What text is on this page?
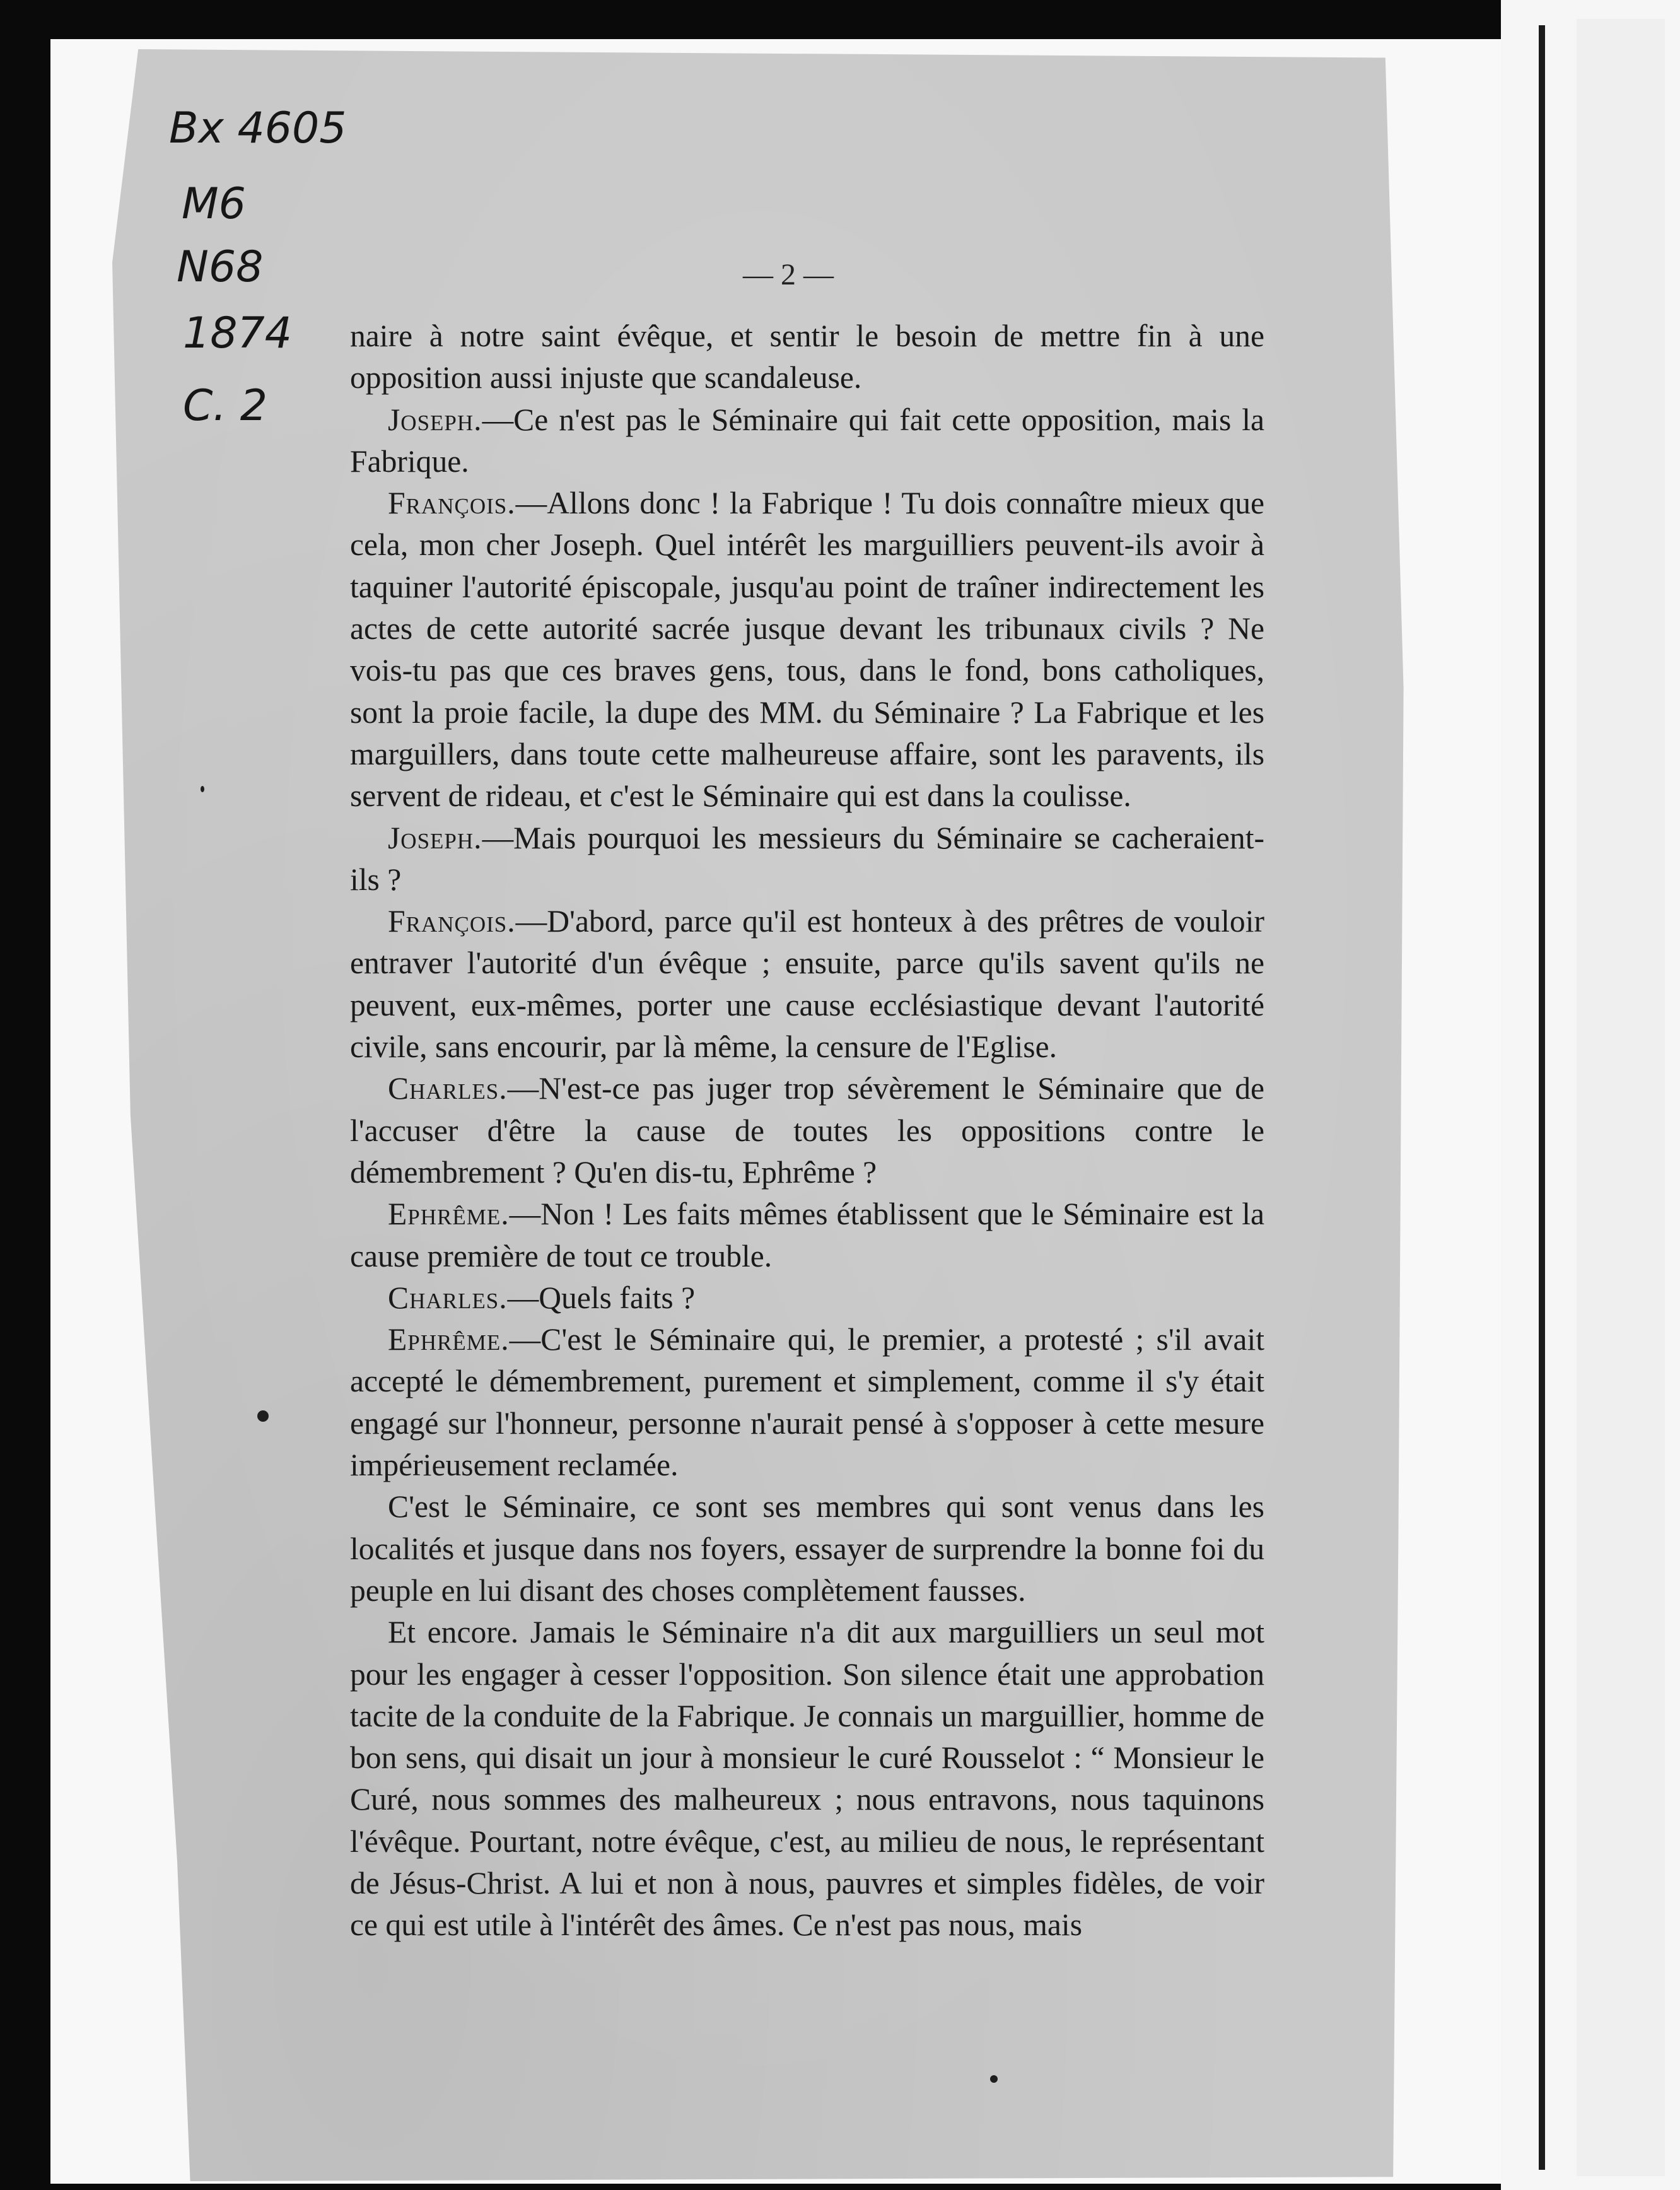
Bx 4605
M6
N68
1874
C. 2
— 2 —

naire à notre saint évêque, et sentir le besoin de mettre fin à une opposition aussi injuste que scandaleuse.

Joseph.—Ce n'est pas le Séminaire qui fait cette opposition, mais la Fabrique.

François.—Allons donc ! la Fabrique ! Tu dois connaître mieux que cela, mon cher Joseph. Quel intérêt les marguilliers peuvent-ils avoir à taquiner l'autorité épiscopale, jusqu'au point de traîner indirectement les actes de cette autorité sacrée jusque devant les tribunaux civils ? Ne vois-tu pas que ces braves gens, tous, dans le fond, bons catholiques, sont la proie facile, la dupe des MM. du Séminaire ? La Fabrique et les marguillers, dans toute cette malheureuse affaire, sont les paravents, ils servent de rideau, et c'est le Séminaire qui est dans la coulisse.

Joseph.—Mais pourquoi les messieurs du Séminaire se cacheraient-ils ?

François.—D'abord, parce qu'il est honteux à des prêtres de vouloir entraver l'autorité d'un évêque ; ensuite, parce qu'ils savent qu'ils ne peuvent, eux-mêmes, porter une cause ecclésiastique devant l'autorité civile, sans encourir, par là même, la censure de l'Eglise.

Charles.—N'est-ce pas juger trop sévèrement le Séminaire que de l'accuser d'être la cause de toutes les oppositions contre le démembrement ? Qu'en dis-tu, Ephrême ?

Ephrême.—Non ! Les faits mêmes établissent que le Séminaire est la cause première de tout ce trouble.

Charles.—Quels faits ?

Ephrême.—C'est le Séminaire qui, le premier, a protesté ; s'il avait accepté le démembrement, purement et simplement, comme il s'y était engagé sur l'honneur, personne n'aurait pensé à s'opposer à cette mesure impérieusement reclamée.

C'est le Séminaire, ce sont ses membres qui sont venus dans les localités et jusque dans nos foyers, essayer de surprendre la bonne foi du peuple en lui disant des choses complètement fausses.

Et encore. Jamais le Séminaire n'a dit aux marguilliers un seul mot pour les engager à cesser l'opposition. Son silence était une approbation tacite de la conduite de la Fabrique. Je connais un marguillier, homme de bon sens, qui disait un jour à monsieur le curé Rousselot : “ Monsieur le Curé, nous sommes des malheureux ; nous entravons, nous taquinons l'évêque. Pourtant, notre évêque, c'est, au milieu de nous, le représentant de Jésus-Christ. A lui et non à nous, pauvres et simples fidèles, de voir ce qui est utile à l'intérêt des âmes. Ce n'est pas nous, mais
